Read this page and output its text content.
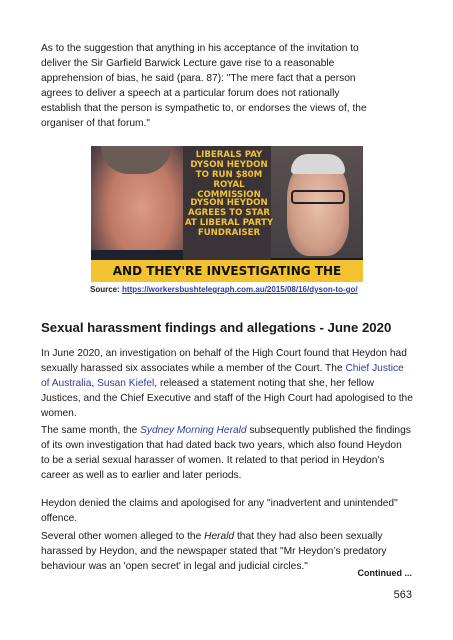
As to the suggestion that anything in his acceptance of the invitation to
deliver the Sir Garfield Barwick Lecture gave rise to a reasonable
apprehension of bias, he said (para. 87): "The mere fact that a person
agrees to deliver a speech at a particular forum does not rationally
establish that the person is sympathetic to, or endorses the views of, the
organiser of that forum."

LIBERALS PAY DYSON HEYDON TO RUN $80M ROYAL COMMISSION
DYSON HEYDON AGREES TO STAR AT LIBERAL PARTY FUNDRAISER
AND THEY'RE INVESTIGATING THE

Source: https://workersbushtelegraph.com.au/2015/08/16/dyson-to-go/

Sexual harassment findings and allegations - June 2020

In June 2020, an investigation on behalf of the High Court found that Heydon had sexually harassed six associates while a member of the Court. The Chief Justice of Australia, Susan Kiefel, released a statement noting that she, her fellow Justices, and the Chief Executive and staff of the High Court had apologised to the women.

The same month, the Sydney Morning Herald subsequently published the findings of its own investigation that had dated back two years, which also found Heydon to be a serial sexual harasser of women. It related to that period in Heydon's career as well as to earlier and later periods.

Heydon denied the claims and apologised for any "inadvertent and unintended" offence.

Several other women alleged to the Herald that they had also been sexually harassed by Heydon, and the newspaper stated that "Mr Heydon’s predatory behaviour was an 'open secret' in legal and judicial circles."

Continued ...

563
